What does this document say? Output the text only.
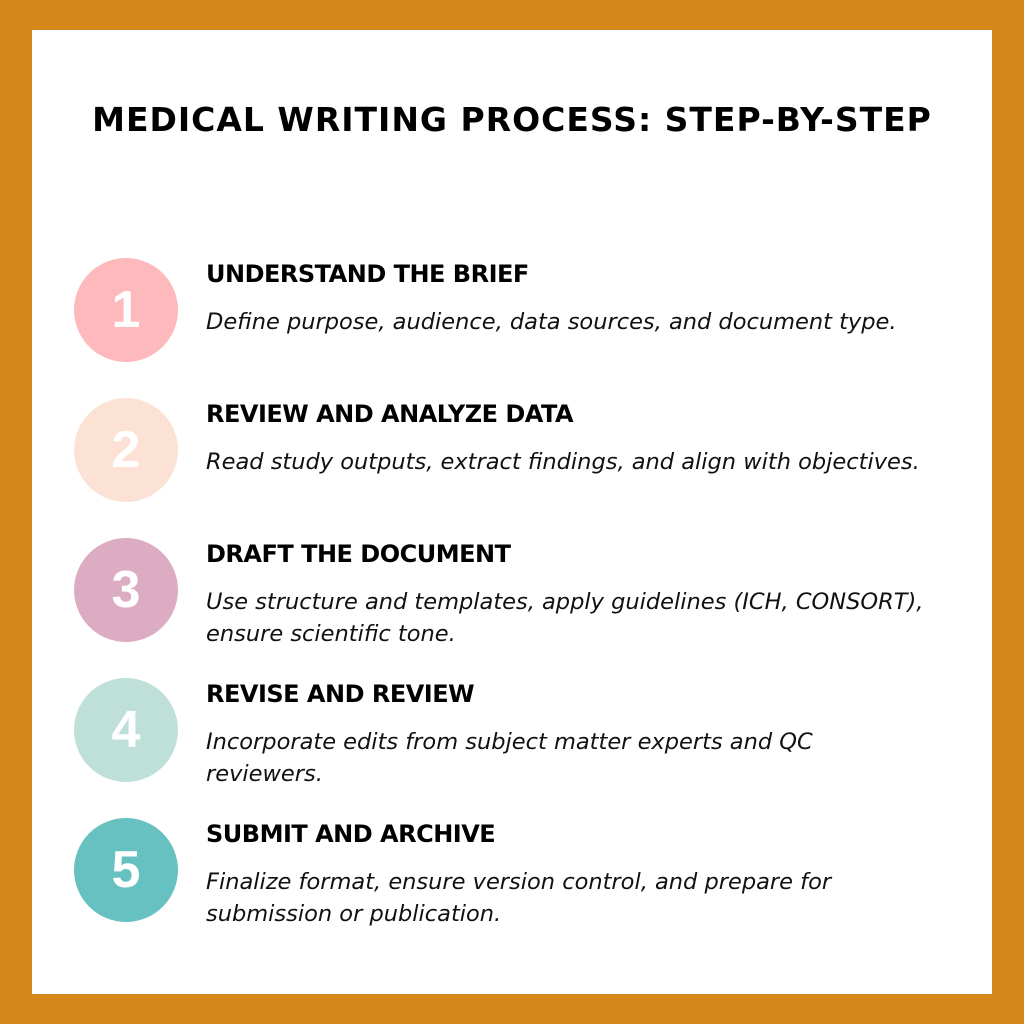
MEDICAL WRITING PROCESS: STEP-BY-STEP
1
UNDERSTAND THE BRIEF
Define purpose, audience, data sources, and document type.
2
REVIEW AND ANALYZE DATA
Read study outputs, extract findings, and align with objectives.
3
DRAFT THE DOCUMENT
Use structure and templates, apply guidelines (ICH, CONSORT), ensure scientific tone.
4
REVISE AND REVIEW
Incorporate edits from subject matter experts and QC reviewers.
5
SUBMIT AND ARCHIVE
Finalize format, ensure version control, and prepare for submission or publication.
